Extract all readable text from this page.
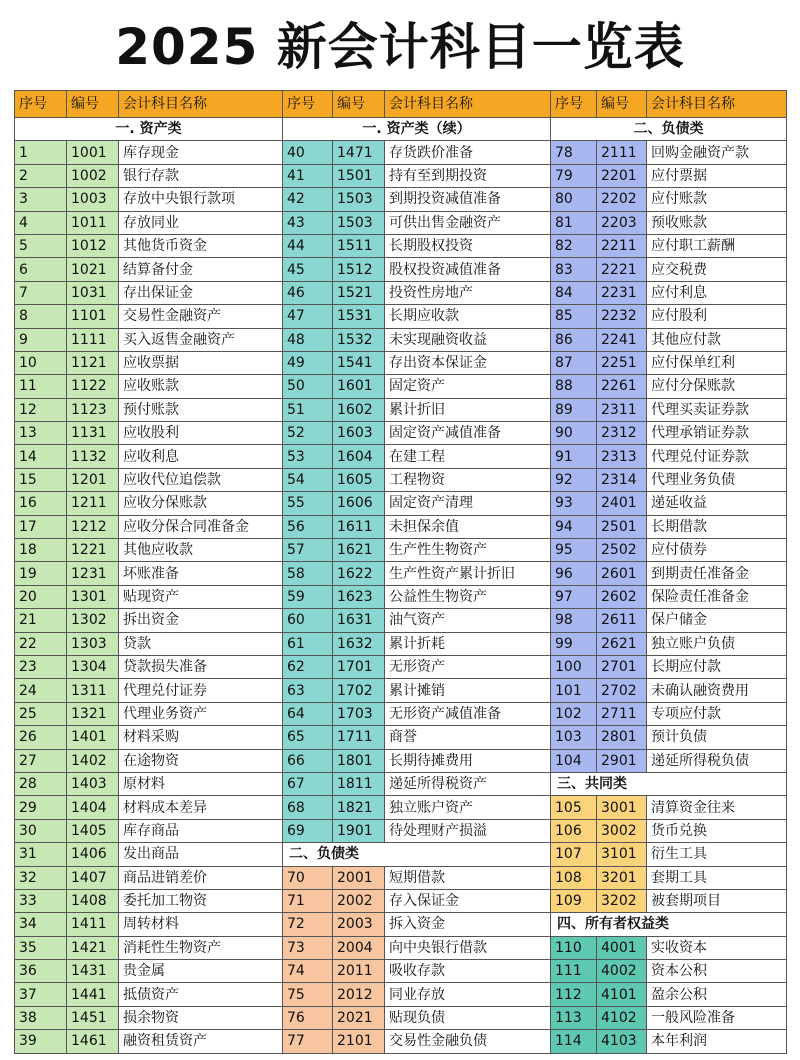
2025 新会计科目一览表
序号	编号	会计科目名称
一. 资产类		
1	1001	库存现金
2	1002	银行存款
3	1003	存放中央银行款项
4	1011	存放同业
5	1012	其他货币资金
6	1021	结算备付金
7	1031	存出保证金
8	1101	交易性金融资产
9	1111	买入返售金融资产
10	1121	应收票据
11	1122	应收账款
12	1123	预付账款
13	1131	应收股利
14	1132	应收利息
15	1201	应收代位追偿款
16	1211	应收分保账款
17	1212	应收分保合同准备金
18	1221	其他应收款
19	1231	坏账准备
20	1301	贴现资产
21	1302	拆出资金
22	1303	贷款
23	1304	贷款损失准备
24	1311	代理兑付证券
25	1321	代理业务资产
26	1401	材料采购
27	1402	在途物资
28	1403	原材料
29	1404	材料成本差异
30	1405	库存商品
31	1406	发出商品
32	1407	商品进销差价
33	1408	委托加工物资
34	1411	周转材料
35	1421	消耗性生物资产
36	1431	贵金属
37	1441	抵债资产
38	1451	损余物资
39	1461	融资租赁资产
序号	编号	会计科目名称
一. 资产类（续）		
40	1471	存货跌价准备
41	1501	持有至到期投资
42	1503	到期投资减值准备
43	1503	可供出售金融资产
44	1511	长期股权投资
45	1512	股权投资减值准备
46	1521	投资性房地产
47	1531	长期应收款
48	1532	未实现融资收益
49	1541	存出资本保证金
50	1601	固定资产
51	1602	累计折旧
52	1603	固定资产减值准备
53	1604	在建工程
54	1605	工程物资
55	1606	固定资产清理
56	1611	未担保余值
57	1621	生产性生物资产
58	1622	生产性资产累计折旧
59	1623	公益性生物资产
60	1631	油气资产
61	1632	累计折耗
62	1701	无形资产
63	1702	累计摊销
64	1703	无形资产减值准备
65	1711	商誉
66	1801	长期待摊费用
67	1811	递延所得税资产
68	1821	独立账户资产
69	1901	待处理财产损溢
二、负债类		
70	2001	短期借款
71	2002	存入保证金
72	2003	拆入资金
73	2004	向中央银行借款
74	2011	吸收存款
75	2012	同业存放
76	2021	贴现负债
77	2101	交易性金融负债
序号	编号	会计科目名称
二、负债类		
78	2111	回购金融资产款
79	2201	应付票据
80	2202	应付账款
81	2203	预收账款
82	2211	应付职工薪酬
83	2221	应交税费
84	2231	应付利息
85	2232	应付股利
86	2241	其他应付款
87	2251	应付保单红利
88	2261	应付分保账款
89	2311	代理买卖证券款
90	2312	代理承销证券款
91	2313	代理兑付证券款
92	2314	代理业务负债
93	2401	递延收益
94	2501	长期借款
95	2502	应付债券
96	2601	到期责任准备金
97	2602	保险责任准备金
98	2611	保户储金
99	2621	独立账户负债
100	2701	长期应付款
101	2702	未确认融资费用
102	2711	专项应付款
103	2801	预计负债
104	2901	递延所得税负债
三、共同类		
105	3001	清算资金往来
106	3002	货币兑换
107	3101	衍生工具
108	3201	套期工具
109	3202	被套期项目
四、所有者权益类		
110	4001	实收资本
111	4002	资本公积
112	4101	盈余公积
113	4102	一般风险准备
114	4103	本年利润
